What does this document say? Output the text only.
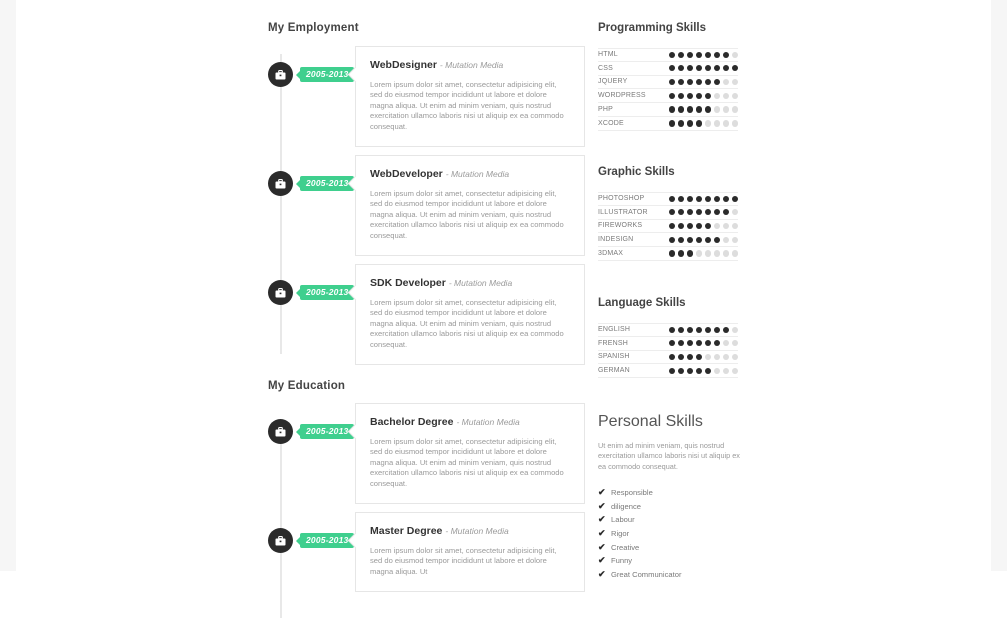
My Employment
My Education
2005-2013
WebDesigner - Mutation Media

Lorem ipsum dolor sit amet, consectetur adipisicing elit, sed do eiusmod tempor incididunt ut labore et dolore magna aliqua. Ut enim ad minim veniam, quis nostrud exercitation ullamco laboris nisi ut aliquip ex ea commodo consequat.

2005-2013
WebDeveloper - Mutation Media

Lorem ipsum dolor sit amet, consectetur adipisicing elit, sed do eiusmod tempor incididunt ut labore et dolore magna aliqua. Ut enim ad minim veniam, quis nostrud exercitation ullamco laboris nisi ut aliquip ex ea commodo consequat.

2005-2013
SDK Developer - Mutation Media

Lorem ipsum dolor sit amet, consectetur adipisicing elit, sed do eiusmod tempor incididunt ut labore et dolore magna aliqua. Ut enim ad minim veniam, quis nostrud exercitation ullamco laboris nisi ut aliquip ex ea commodo consequat.

2005-2013
Bachelor Degree - Mutation Media

Lorem ipsum dolor sit amet, consectetur adipisicing elit, sed do eiusmod tempor incididunt ut labore et dolore magna aliqua. Ut enim ad minim veniam, quis nostrud exercitation ullamco laboris nisi ut aliquip ex ea commodo consequat.

2005-2013
Master Degree - Mutation Media

Lorem ipsum dolor sit amet, consectetur adipisicing elit, sed do eiusmod tempor incididunt ut labore et dolore magna aliqua. Ut

Programming Skills
HTML
CSS
JQUERY
WORDPRESS
PHP
XCODE
Graphic Skills
PHOTOSHOP
ILLUSTRATOR
FIREWORKS
INDESIGN
3DMAX
Language Skills
ENGLISH
FRENSH
SPANISH
GERMAN
Personal Skills

Ut enim ad minim veniam, quis nostrud exercitation ullamco laboris nisi ut aliquip ex ea commodo consequat.

✔ Responsible
✔ diligence
✔ Labour
✔ Rigor
✔ Creative
✔ Funny
✔ Great Communicator
